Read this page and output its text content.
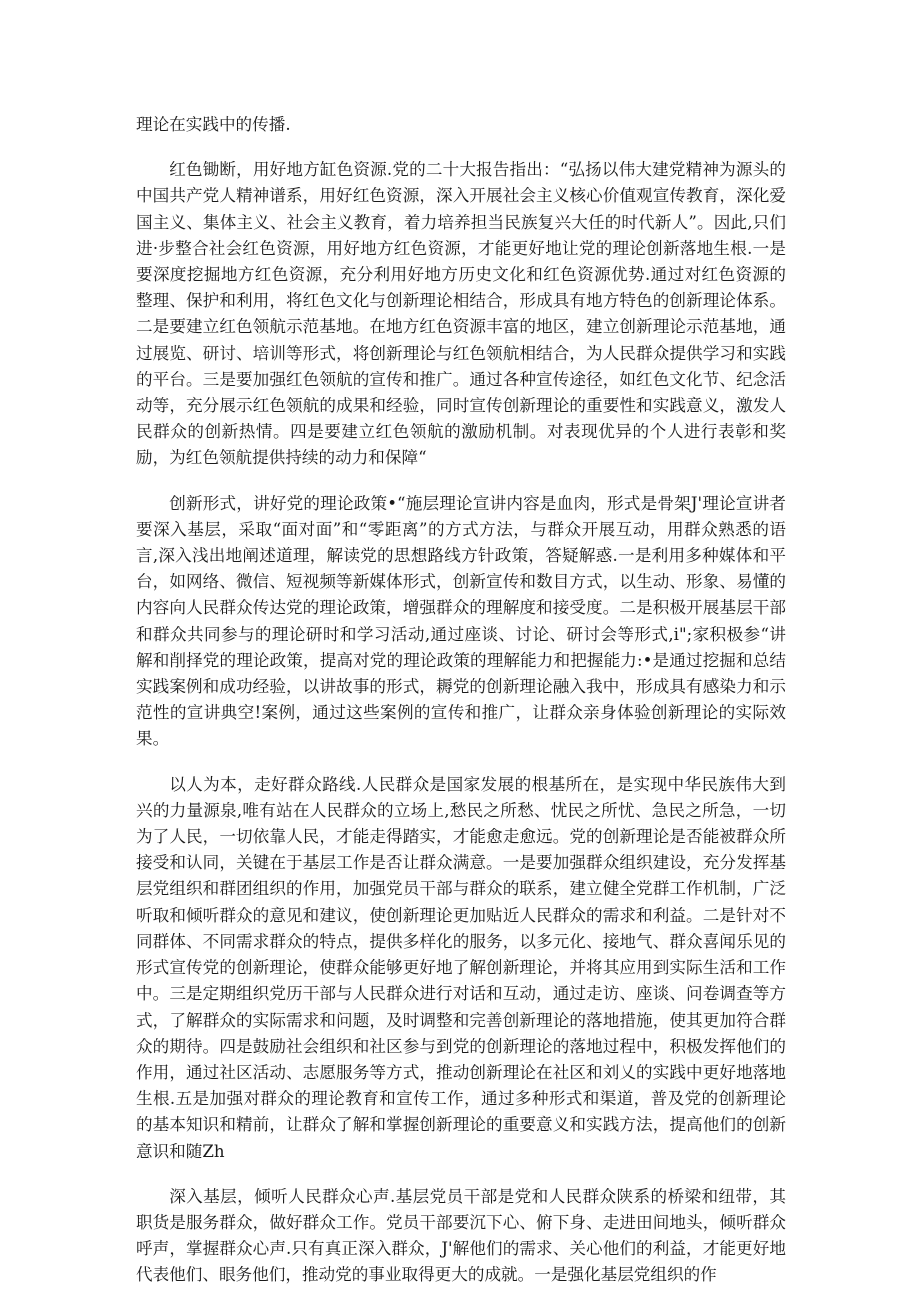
理论在实践中的传播.

红色锄断，用好地方缸色资源.党的二十大报告指出：“弘扬以伟大建党精神为源头的中国共产党人精神谱系，用好红色资源，深入开展社会主义核心价值观宣传教育，深化爱国主义、集体主义、社会主义教育，着力培养担当民族复兴大任的时代新人”。因此,只们进·步整合社会红色资源，用好地方红色资源，才能更好地让党的理论创新落地生根.一是要深度挖掘地方红色资源，充分利用好地方历史文化和红色资源优势.通过对红色资源的整理、保护和利用，将红色文化与创新理论相结合，形成具有地方特色的创新理论体系。二是要建立红色领航示范基地。在地方红色资源丰富的地区，建立创新理论示范基地，通过展览、研讨、培训等形式，将创新理论与红色领航相结合，为人民群众提供学习和实践的平台。三是要加强红色领航的宣传和推广。通过各种宣传途径，如红色文化节、纪念活动等，充分展示红色领航的成果和经验，同时宣传创新理论的重要性和实践意义，激发人民群众的创新热情。四是要建立红色领航的激励机制。对表现优异的个人进行表彰和奖励，为红色领航提供持续的动力和保障“

创新形式，讲好党的理论政策•“施层理论宣讲内容是血肉，形式是骨架J'理论宣讲者要深入基层，采取“面对面”和“零距离”的方式方法，与群众开展互动，用群众熟悉的语言,深入浅出地阐述道理，解读党的思想路线方针政策，答疑解惑.一是利用多种媒体和平台，如网络、微信、短视频等新媒体形式，创新宣传和数目方式，以生动、形象、易懂的内容向人民群众传达党的理论政策，增强群众的理解度和接受度。二是积极开展基层干部和群众共同参与的理论研时和学习活动,通过座谈、讨论、研讨会等形式,i";家积极参“讲解和削择党的理论政策，提高对党的理论政策的理解能力和把握能力:•是通过挖掘和总结实践案例和成功经验，以讲故事的形式，耨党的创新理论融入我中，形成具有感染力和示范性的宣讲典空!案例，通过这些案例的宣传和推广，让群众亲身体验创新理论的实际效果。

以人为本，走好群众路线.人民群众是国家发展的根基所在，是实现中华民族伟大到兴的力量源泉,唯有站在人民群众的立场上,愁民之所愁、忧民之所忧、急民之所急，一切为了人民，一切依靠人民，才能走得踏实，才能愈走愈远。党的创新理论是否能被群众所接受和认同，关键在于基层工作是否让群众满意。一是要加强群众组织建设，充分发挥基层党组织和群团组织的作用，加强党员干部与群众的联系，建立健全党群工作机制，广泛听取和倾听群众的意见和建议，使创新理论更加贴近人民群众的需求和利益。二是针对不同群体、不同需求群众的特点，提供多样化的服务，以多元化、接地气、群众喜闻乐见的形式宣传党的创新理论，使群众能够更好地了解创新理论，并将其应用到实际生活和工作中。三是定期组织党历干部与人民群众进行对话和互动，通过走访、座谈、问卷调查等方式，了解群众的实际需求和问题，及时调整和完善创新理论的落地措施，使其更加符合群众的期待。四是鼓励社会组织和社区参与到党的创新理论的落地过程中，积极发挥他们的作用，通过社区活动、志愿服务等方式，推动创新理论在社区和刘乂的实践中更好地落地生根.五是加强对群众的理论教育和宣传工作，通过多种形式和渠道，普及党的创新理论的基本知识和精前，让群众了解和掌握创新理论的重要意义和实践方法，提高他们的创新意识和随Zh

深入基层，倾听人民群众心声.基层党员干部是党和人民群众陕系的桥梁和纽带，其职货是服务群众，做好群众工作。党员干部要沉下心、俯下身、走进田间地头，倾听群众呼声，掌握群众心声.只有真正深入群众，J'解他们的需求、关心他们的利益，才能更好地代表他们、眼务他们，推动党的事业取得更大的成就。一是强化基层党组织的作
